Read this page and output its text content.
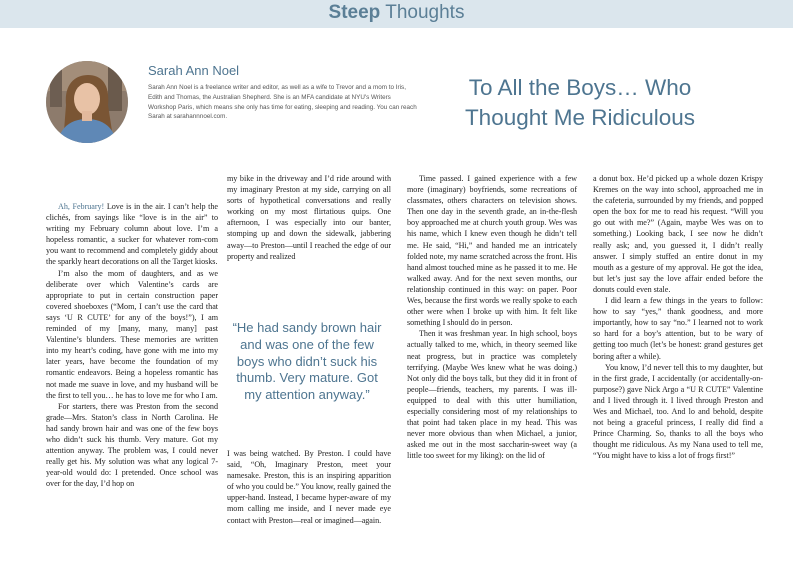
Steep Thoughts
Sarah Ann Noel
Sarah Ann Noel is a freelance writer and editor, as well as a wife to Trevor and a mom to Iris, Edith and Thomas, the Australian Shepherd. She is an MFA candidate at NYU's Writers Workshop Paris, which means she only has time for eating, sleeping and reading. You can reach Sarah at sarahannnoel.com.
To All the Boys… Who Thought Me Ridiculous

Ah, February! Love is in the air. I can’t help the clichés, from sayings like “love is in the air” to writing my February column about love. I’m a hopeless romantic, a sucker for whatever rom-com you want to recommend and completely giddy about the sparkly heart decorations on all the Target kiosks.

I’m also the mom of daughters, and as we deliberate over which Valentine’s cards are appropriate to put in certain construction paper covered shoeboxes (“Mom, I can’t use the card that says ‘U R CUTE’ for any of the boys!”), I am reminded of my [many, many, many] past Valentine’s blunders. These memories are written into my heart’s coding, have gone with me into my later years, have become the foundation of my romantic endeavors. Being a hopeless romantic has not made me suave in love, and my husband will be the first to tell you… he has to love me for who I am.

For starters, there was Preston from the second grade—Mrs. Staton’s class in North Carolina. He had sandy brown hair and was one of the few boys who didn’t suck his thumb. Very mature. Got my attention anyway. The problem was, I could never really get his. My solution was what any logical 7-year-old would do: I pretended. Once school was over for the day, I’d hop on

my bike in the driveway and I’d ride around with my imaginary Preston at my side, carrying on all sorts of hypothetical conversations and really working on my most flirtatious quips. One afternoon, I was especially into our banter, stomping up and down the sidewalk, jabbering away—to Preston—until I reached the edge of our property and realized

“He had sandy brown hair and was one of the few boys who didn’t suck his thumb. Very mature. Got my attention anyway.”

I was being watched. By Preston. I could have said, “Oh, Imaginary Preston, meet your namesake. Preston, this is an inspiring apparition of who you could be.” You know, really gained the upper-hand. Instead, I became hyper-aware of my mom calling me inside, and I never made eye contact with Preston—real or imagined—again.

Time passed. I gained experience with a few more (imaginary) boyfriends, some recreations of classmates, others characters on television shows. Then one day in the seventh grade, an in-the-flesh boy approached me at church youth group. Wes was his name, which I knew even though he didn’t tell me. He said, “Hi,” and handed me an intricately folded note, my name scratched across the front. His hand almost touched mine as he passed it to me. He walked away. And for the next seven months, our relationship continued in this way: on paper. Poor Wes, because the first words we really spoke to each other were when I broke up with him. It felt like something I should do in person.

Then it was freshman year. In high school, boys actually talked to me, which, in theory seemed like neat progress, but in practice was completely terrifying. (Maybe Wes knew what he was doing.) Not only did the boys talk, but they did it in front of people—friends, teachers, my parents. I was ill-equipped to deal with this utter humiliation, especially considering most of my relationships to that point had taken place in my head. This was never more obvious than when Michael, a junior, asked me out in the most saccharin-sweet way (a little too sweet for my liking): on the lid of

a donut box. He’d picked up a whole dozen Krispy Kremes on the way into school, approached me in the cafeteria, surrounded by my friends, and popped open the box for me to read his request. “Will you go out with me?” (Again, maybe Wes was on to something.) Looking back, I see now he didn’t really ask; and, you guessed it, I didn’t really answer. I simply stuffed an entire donut in my mouth as a gesture of my approval. He got the idea, but let’s just say the love affair ended before the donuts could even stale.

I did learn a few things in the years to follow: how to say “yes,” thank goodness, and more importantly, how to say “no.” I learned not to work so hard for a boy’s attention, but to be wary of getting too much (let’s be honest: grand gestures get boring after a while).

You know, I’d never tell this to my daughter, but in the first grade, I accidentally (or accidentally-on-purpose?) gave Nick Argo a “U R CUTE” Valentine and I lived through it. I lived through Preston and Wes and Michael, too. And lo and behold, despite not being a graceful princess, I really did find a Prince Charming. So, thanks to all the boys who thought me ridiculous. As my Nana used to tell me, “You might have to kiss a lot of frogs first!”
